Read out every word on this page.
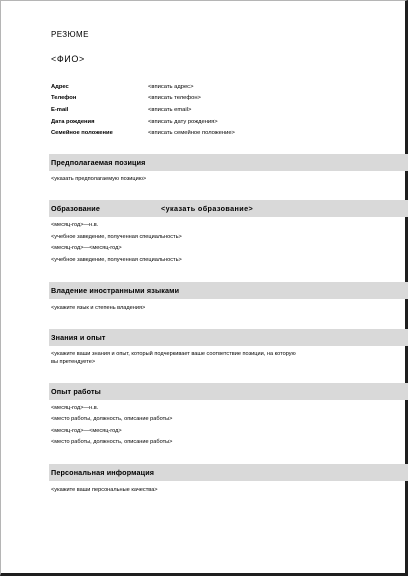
РЕЗЮМЕ
<ФИО>
Адрес	<вписать адрес>
Телефон	<вписать телефон>
E-mail	<вписать email>
Дата рождения	<вписать дату рождения>
Семейное положение	<вписать семейное положение>
Предполагаемая позиция
<указать предполагаемую позицию>
Образование	<указать образование>
<месяц-год>—н.в.
<учебное заведение, полученная специальность>
<месяц-год>—<месяц-год>
<учебное заведение, полученная специальность>
Владение иностранными языками
<укажите язык и степень владения>
Знания и опыт
<укажите ваши знания и опыт, который подчеркивает ваше соответствие позиции, на которую
вы претендуете>
Опыт работы
<месяц-год>—н.в.
<место работы, должность, описание работы>
<месяц-год>—<месяц-год>
<место работы, должность, описание работы>
Персональная информация
<укажите ваши персональные качества>
